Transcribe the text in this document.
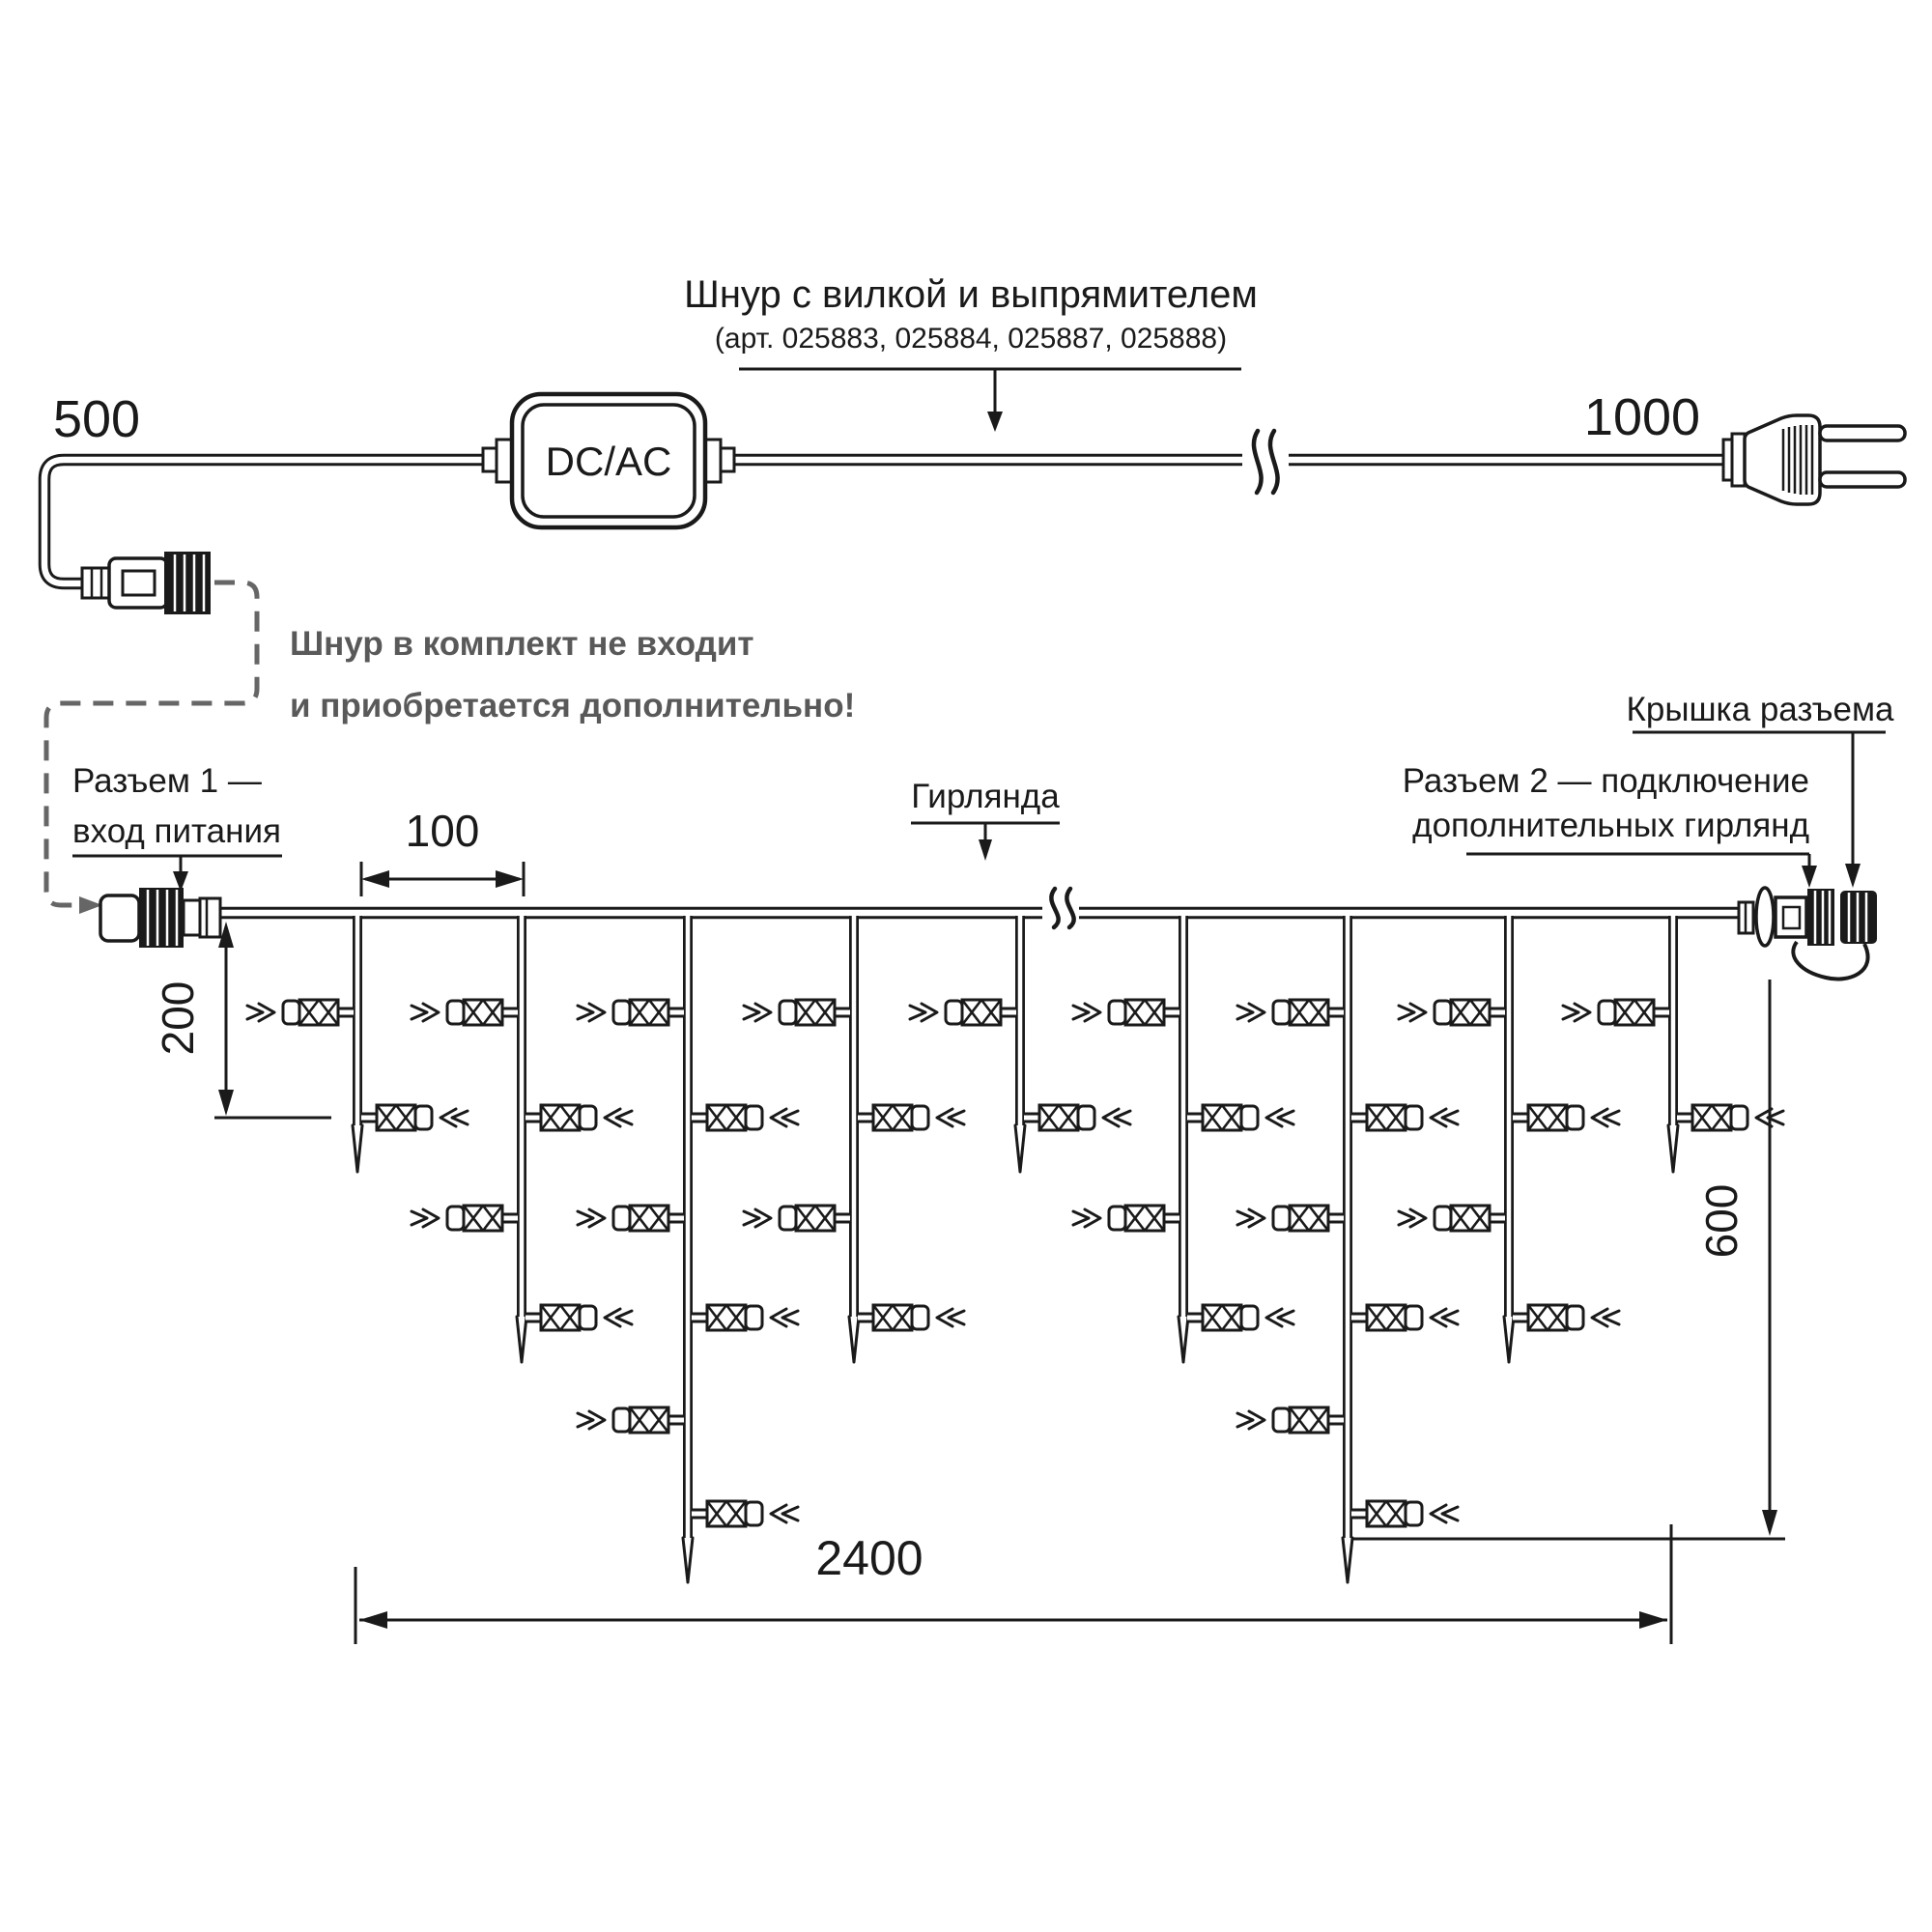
DC/AC
Шнур с вилкой и выпрямителем
(арт. 025883, 025884, 025887, 025888)
500	1000
Шнур в комплект не входит
и приобретается дополнительно!
Разъем 1 —
вход питания
Гирлянда
Крышка разъема
Разъем 2 — подключение
дополнительных гирлянд
100
200
600
2400
